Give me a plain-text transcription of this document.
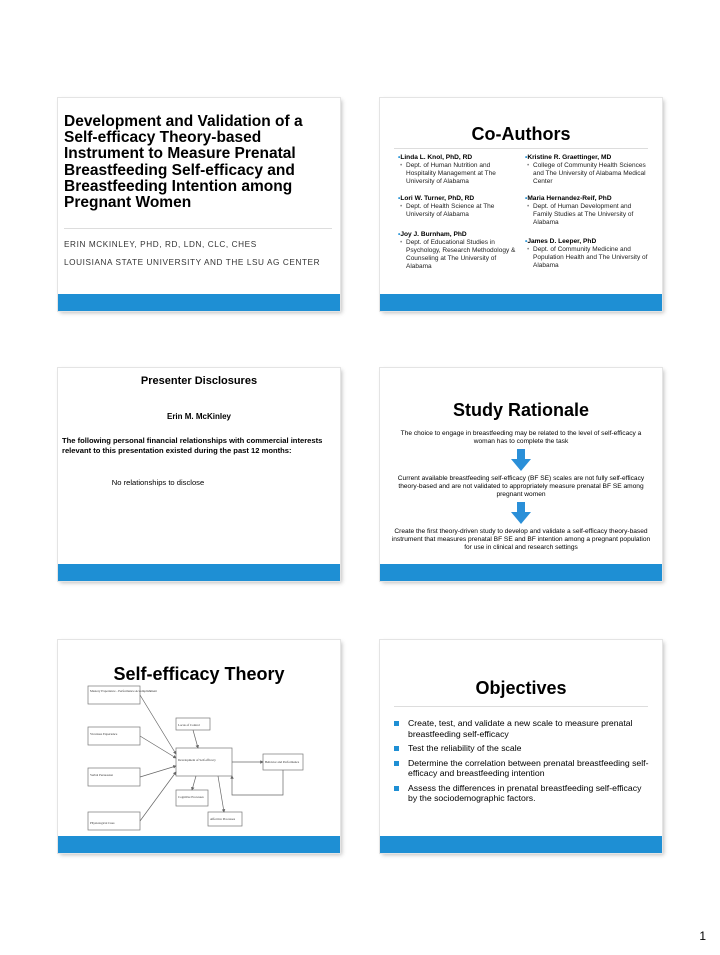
Development and Validation of a Self-efficacy Theory-based Instrument to Measure Prenatal Breastfeeding Self-efficacy and Breastfeeding Intention among Pregnant Women
ERIN MCKINLEY, PHD, RD, LDN, CLC, CHES
LOUISIANA STATE UNIVERSITY AND THE LSU AG CENTER
Co-Authors
• Linda L. Knol, PhD, RD
• Dept. of Human Nutrition and Hospitality Management at The University of Alabama
• Kristine R. Graettinger, MD
• College of Community Health Sciences and The University of Alabama Medical Center
• Lori W. Turner, PhD, RD
• Dept. of Health Science at The University of Alabama
• Maria Hernandez-Reif, PhD
• Dept. of Human Development and Family Studies at The University of Alabama
• Joy J. Burnham, PhD
• Dept. of Educational Studies in Psychology, Research Methodology & Counseling at The University of Alabama
• James D. Leeper, PhD
• Dept. of Community Medicine and Population Health and The University of Alabama
Presenter Disclosures
Erin M. McKinley
The following personal financial relationships with commercial interests relevant to this presentation existed during the past 12 months:
No relationships to disclose
Study Rationale
The choice to engage in breastfeeding may be related to the level of self-efficacy a woman has to complete the task
Current available breastfeeding self-efficacy (BF SE) scales are not fully self-efficacy theory-based and are not validated to appropriately measure prenatal BF SE among pregnant women
Create the first theory-driven study to develop and validate a self-efficacy theory-based instrument that measures prenatal BF SE and BF intention among a pregnant population for use in clinical and research settings
Self-efficacy Theory
Mastery Experience - Performance Accomplishment
Vicarious Experience
Verbal Persuasion
Physiological Cues
Locus of Control
Development of Self-efficacy	Behavior and Performance
Cognitive Processes
Affective Processes
Objectives
Create, test, and validate a new scale to measure prenatal breastfeeding self-efficacy
Test the reliability of the scale
Determine the correlation between prenatal breastfeeding self-efficacy and breastfeeding intention
Assess the differences in prenatal breastfeeding self-efficacy by the sociodemographic factors.
1
